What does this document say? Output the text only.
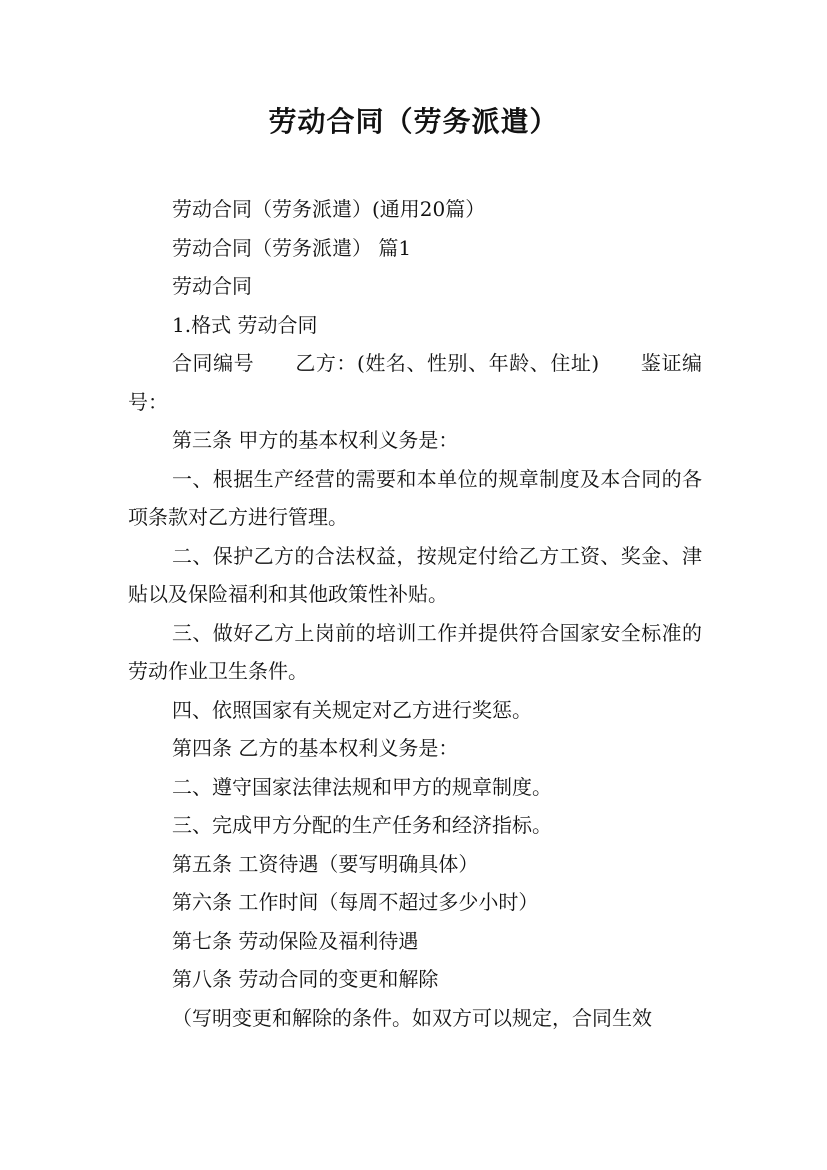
劳动合同（劳务派遣）

劳动合同（劳务派遣）(通用20篇）

劳动合同（劳务派遣） 篇1

劳动合同

1.格式 劳动合同

合同编号　　乙方：(姓名、性别、年龄、住址)　　鉴证编号：

第三条 甲方的基本权利义务是：

一、根据生产经营的需要和本单位的规章制度及本合同的各项条款对乙方进行管理。

二、保护乙方的合法权益，按规定付给乙方工资、奖金、津贴以及保险福利和其他政策性补贴。

三、做好乙方上岗前的培训工作并提供符合国家安全标准的劳动作业卫生条件。

四、依照国家有关规定对乙方进行奖惩。

第四条 乙方的基本权利义务是：

二、遵守国家法律法规和甲方的规章制度。

三、完成甲方分配的生产任务和经济指标。

第五条 工资待遇（要写明确具体）

第六条 工作时间（每周不超过多少小时）

第七条 劳动保险及福利待遇

第八条 劳动合同的变更和解除

（写明变更和解除的条件。如双方可以规定，合同生效
